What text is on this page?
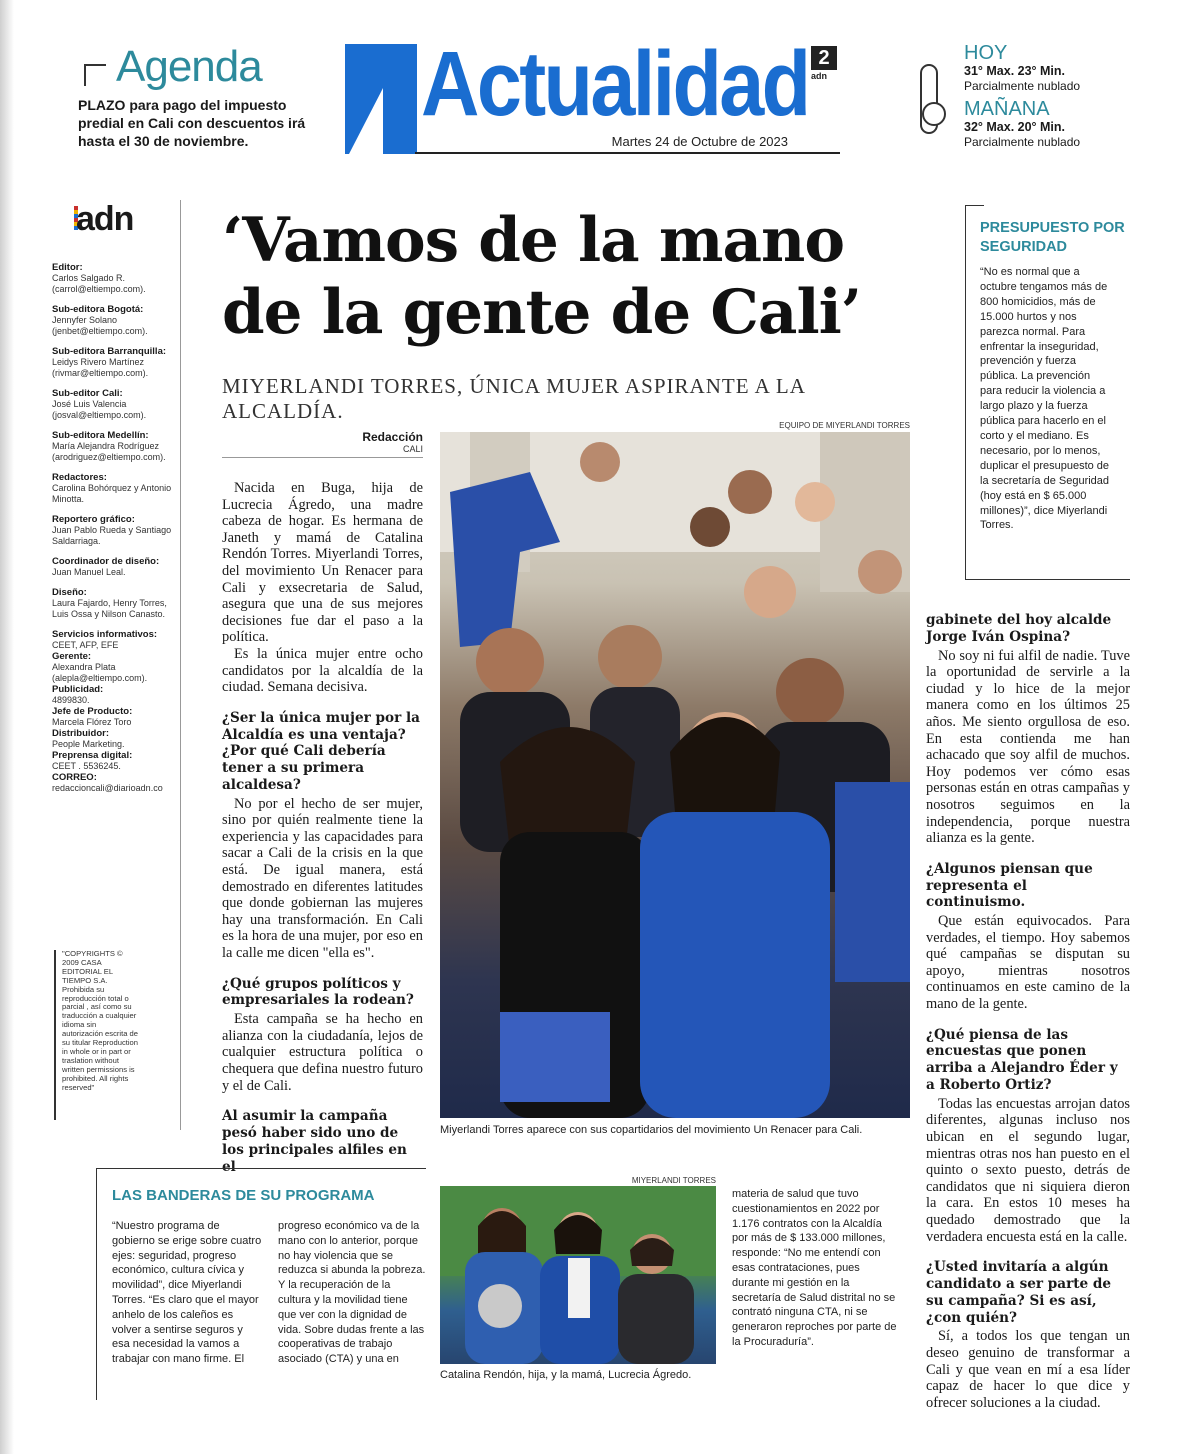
Agenda
PLAZO para pago del impuesto predial en Cali con descuentos irá hasta el 30 de noviembre.
Actualidad 2
adn
Martes 24 de Octubre de 2023
HOY
31° Max. 23° Min.
Parcialmente nublado
MAÑANA
32° Max. 20° Min.
Parcialmente nublado
adn
Editor:
Carlos Salgado R. (carrol@eltiempo.com).
Sub-editora Bogotá:
Jennyfer Solano (jenbet@eltiempo.com).
Sub-editora Barranquilla:
Leidys Rivero Martínez (rivmar@eltiempo.com).
Sub-editor Cali:
José Luis Valencia (josval@eltiempo.com).
Sub-editora Medellín:
María Alejandra Rodríguez (arodriguez@eltiempo.com).
Redactores:
Carolina Bohórquez y Antonio Minotta.
Reportero gráfico:
Juan Pablo Rueda y Santiago Saldarriaga.
Coordinador de diseño:
Juan Manuel Leal.
Diseño:
Laura Fajardo, Henry Torres, Luis Ossa y Nilson Canasto.
Servicios informativos:
CEET, AFP, EFE
Gerente:
Alexandra Plata (alepla@eltiempo.com).
Publicidad:
4899830.
Jefe de Producto:
Marcela Flórez Toro
Distribuidor:
People Marketing.
Preprensa digital:
CEET . 5536245.
CORREO:
redaccioncali@diarioadn.co
"COPYRIGHTS © 2009 CASA EDITORIAL EL TIEMPO S.A. Prohibida su reproducción total o parcial , así como su traducción a cualquier idioma sin autorización escrita de su titular Reproduction in whole or in part or traslation without written permissions is prohibited. All rights reserved"
‘Vamos de la mano de la gente de Cali’
MIYERLANDI TORRES, ÚNICA MUJER ASPIRANTE A LA ALCALDÍA.
Redacción
CALI

Nacida en Buga, hija de Lucrecia Ágredo, una madre cabeza de hogar. Es hermana de Janeth y mamá de Catalina Rendón Torres. Miyerlandi Torres, del movimiento Un Renacer para Cali y exsecretaria de Salud, asegura que una de sus mejores decisiones fue dar el paso a la política.

Es la única mujer entre ocho candidatos por la alcaldía de la ciudad. Semana decisiva.

¿Ser la única mujer por la Alcaldía es una ventaja? ¿Por qué Cali debería tener a su primera alcaldesa?

No por el hecho de ser mujer, sino por quién realmente tiene la experiencia y las capacidades para sacar a Cali de la crisis en la que está. De igual manera, está demostrado en diferentes latitudes que donde gobiernan las mujeres hay una transformación. En Cali es la hora de una mujer, por eso en la calle me dicen "ella es".

¿Qué grupos políticos y empresariales la rodean?

Esta campaña se ha hecho en alianza con la ciudadanía, lejos de cualquier estructura política o chequera que defina nuestro futuro y el de Cali.

Al asumir la campaña pesó haber sido uno de los principales alfiles en el
EQUIPO DE MIYERLANDI TORRES
Miyerlandi Torres aparece con sus copartidarios del movimiento Un Renacer para Cali.
PRESUPUESTO POR SEGURIDAD
“No es normal que a octubre tengamos más de 800 homicidios, más de 15.000 hurtos y nos parezca normal. Para enfrentar la inseguridad, prevención y fuerza pública. La prevención para reducir la violencia a largo plazo y la fuerza pública para hacerlo en el corto y el mediano. Es necesario, por lo menos, duplicar el presupuesto de la secretaría de Seguridad (hoy está en $ 65.000 millones)”, dice Miyerlandi Torres.
gabinete del hoy alcalde Jorge Iván Ospina?

No soy ni fui alfil de nadie. Tuve la oportunidad de servirle a la ciudad y lo hice de la mejor manera como en los últimos 25 años. Me siento orgullosa de eso. En esta contienda me han achacado que soy alfil de muchos. Hoy podemos ver cómo esas personas están en otras campañas y nosotros seguimos en la independencia, porque nuestra alianza es la gente.

¿Algunos piensan que representa el continuismo.

Que están equivocados. Para verdades, el tiempo. Hoy sabemos qué campañas se disputan su apoyo, mientras nosotros continuamos en este camino de la mano de la gente.

¿Qué piensa de las encuestas que ponen arriba a Alejandro Éder y a Roberto Ortiz?

Todas las encuestas arrojan datos diferentes, algunas incluso nos ubican en el segundo lugar, mientras otras nos han puesto en el quinto o sexto puesto, detrás de candidatos que ni siquiera dieron la cara. En estos 10 meses ha quedado demostrado que la verdadera encuesta está en la calle.

¿Usted invitaría a algún candidato a ser parte de su campaña? Si es así, ¿con quién?

Sí, a todos los que tengan un deseo genuino de transformar a Cali y que vean en mí a esa líder capaz de hacer lo que dice y ofrecer soluciones a la ciudad.

LAS BANDERAS DE SU PROGRAMA
“Nuestro programa de gobierno se erige sobre cuatro ejes: seguridad, progreso económico, cultura cívica y movilidad”, dice Miyerlandi Torres. “Es claro que el mayor anhelo de los caleños es volver a sentirse seguros y esa necesidad la vamos a trabajar con mano firme. El
progreso económico va de la mano con lo anterior, porque no hay violencia que se reduzca si abunda la pobreza. Y la recuperación de la cultura y la movilidad tiene que ver con la dignidad de vida. Sobre dudas frente a las cooperativas de trabajo asociado (CTA) y una en
materia de salud que tuvo cuestionamientos en 2022 por 1.176 contratos con la Alcaldía por más de $ 133.000 millones, responde: “No me entendí con esas contrataciones, pues durante mi gestión en la secretaría de Salud distrital no se contrató ninguna CTA, ni se generaron reproches por parte de la Procuraduría”.
MIYERLANDI TORRES
Catalina Rendón, hija, y la mamá, Lucrecia Ágredo.
